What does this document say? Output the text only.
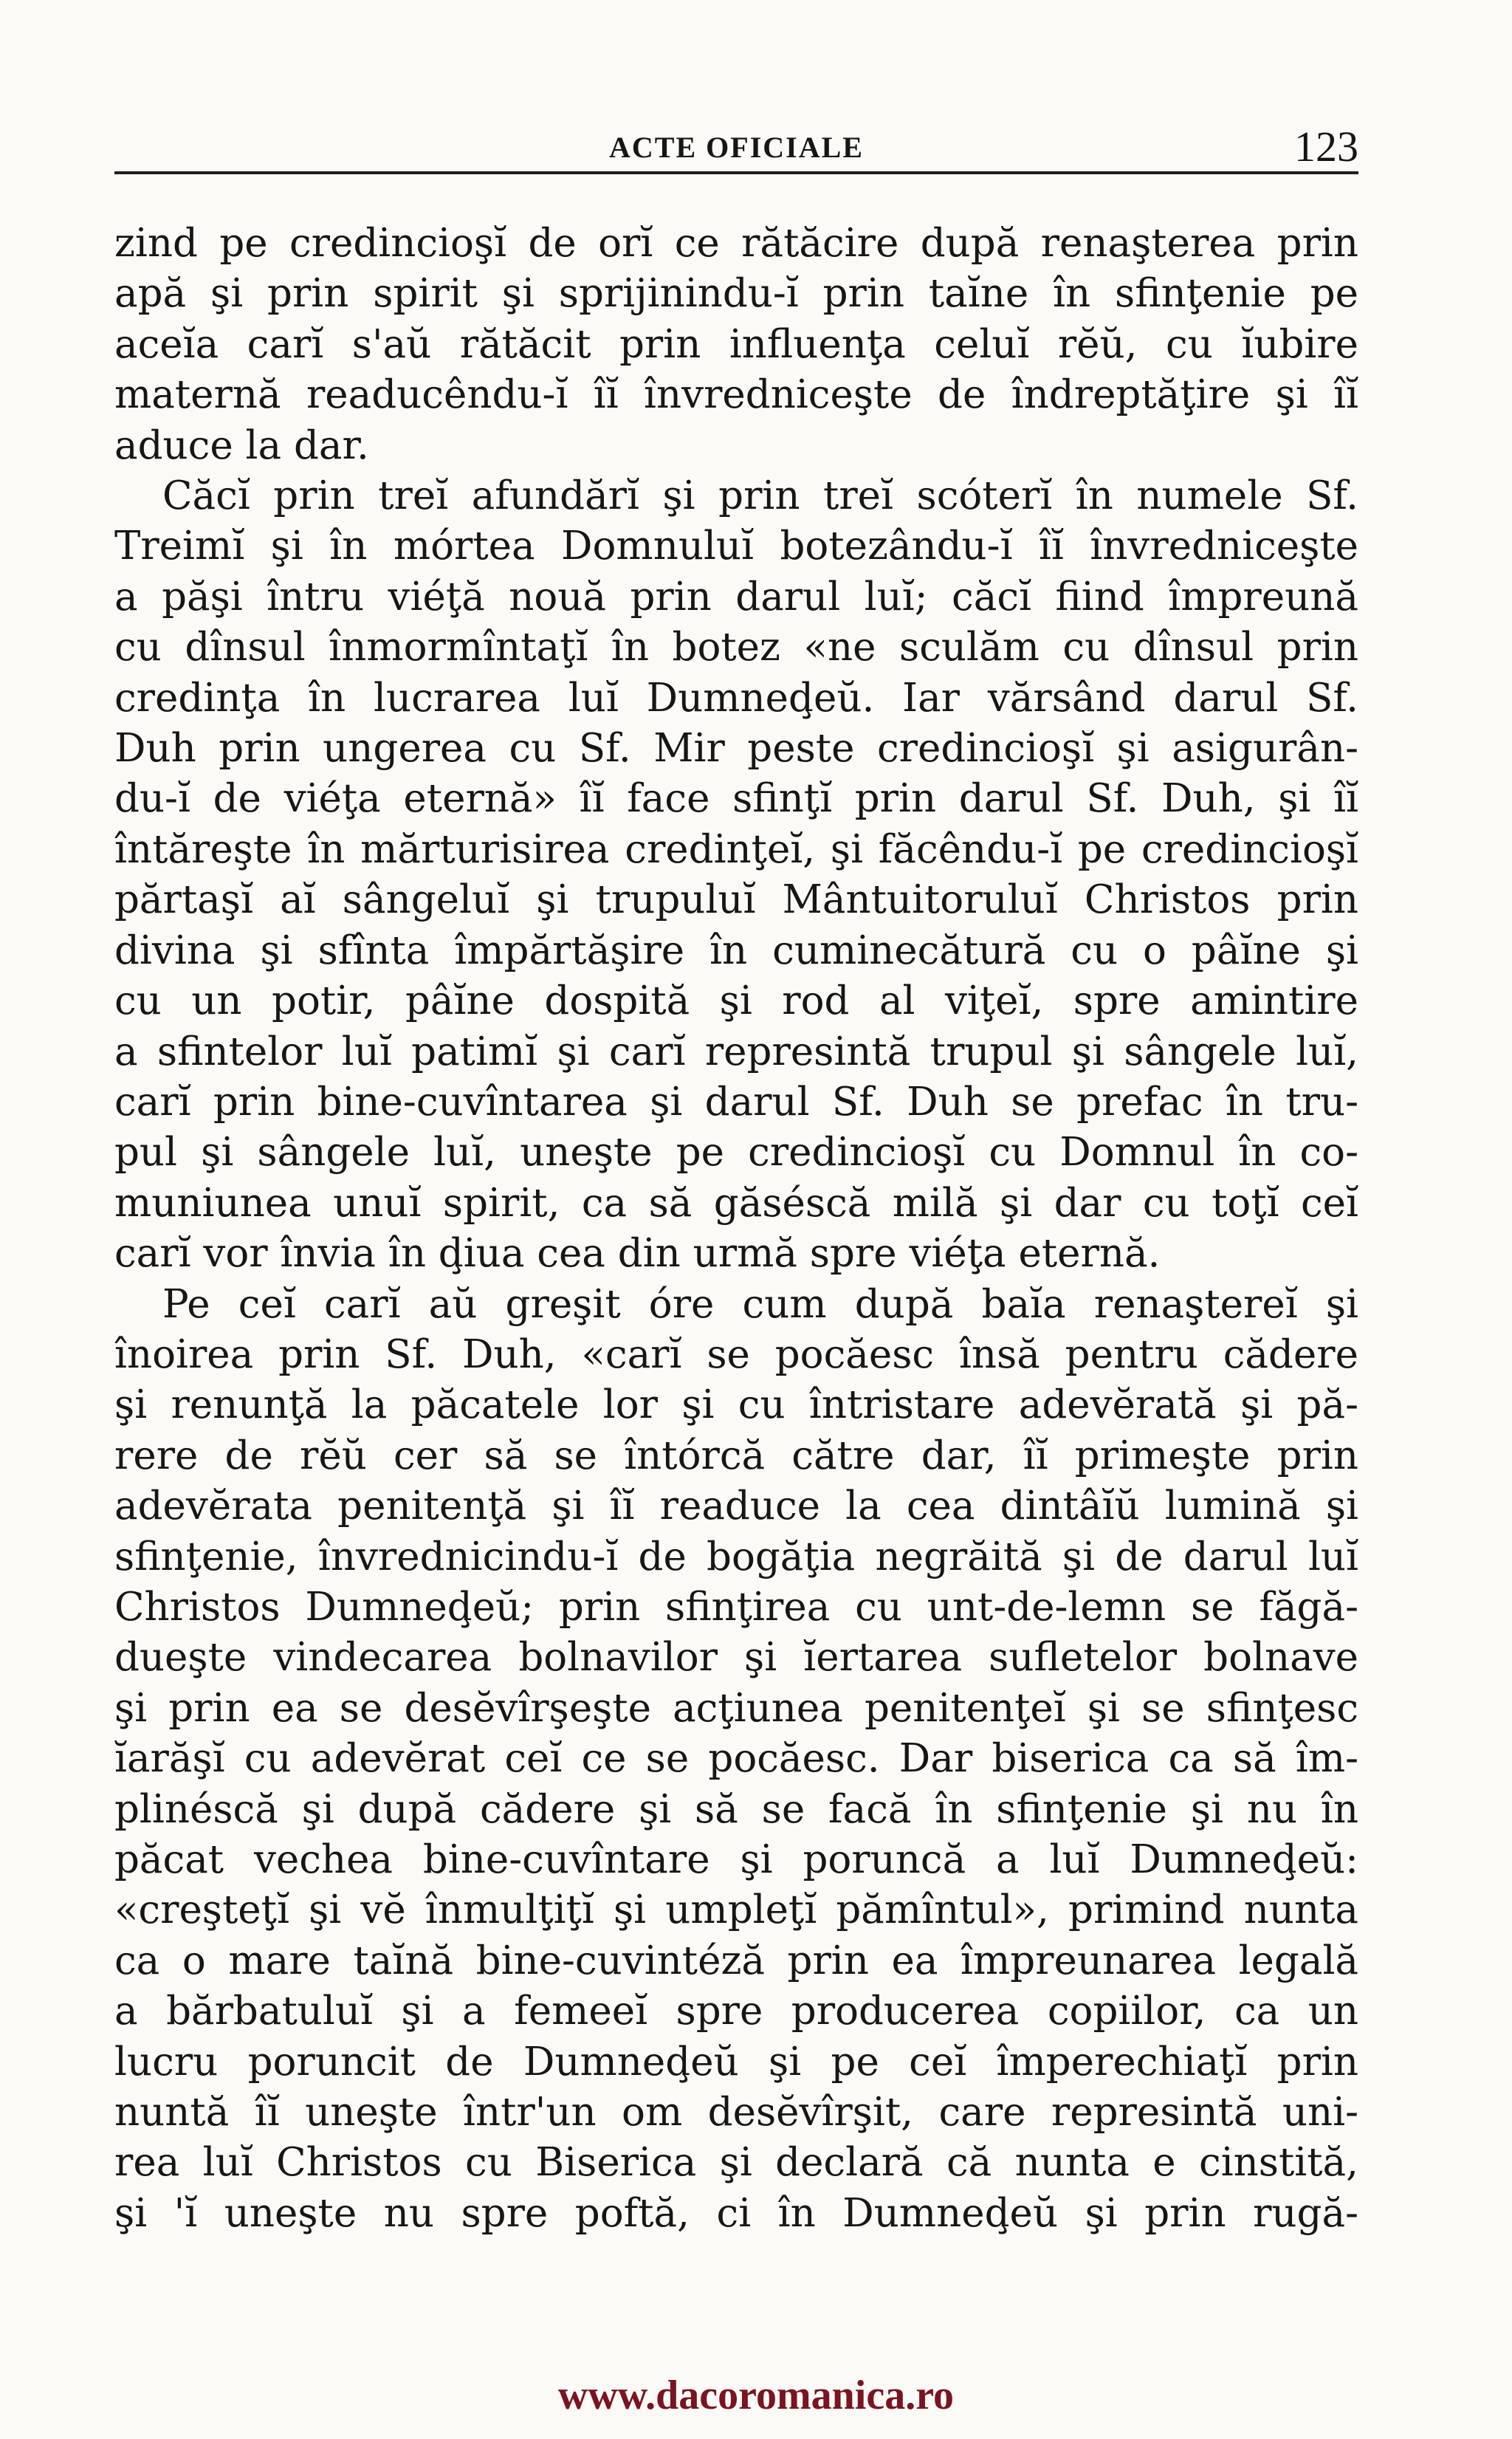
ACTE OFICIALE	123

zind pe credincioşĭ de orĭ ce rătăcire după renaşterea prin
apă şi prin spirit şi sprijinindu-ĭ prin taĭne în sfinţenie pe
aceĭa carĭ s'aŭ rătăcit prin influenţa celuĭ rĕŭ, cu ĭubire
maternă readucêndu-ĭ îĭ învredniceşte de îndreptăţire şi îĭ
aduce la dar.

Căcĭ prin treĭ afundărĭ şi prin treĭ scóterĭ în numele Sf.
Treimĭ şi în mórtea Domnuluĭ botezându-ĭ îĭ învredniceşte
a păşi întru viéţă nouă prin darul luĭ; căcĭ fiind împreună
cu dînsul înmormîntaţĭ în botez «ne sculăm cu dînsul prin
credinţa în lucrarea luĭ Dumneḑeŭ. Iar vărsând darul Sf.
Duh prin ungerea cu Sf. Mir peste credincioşĭ şi asigurân-
du-ĭ de viéţa eternă» îĭ face sfinţĭ prin darul Sf. Duh, şi îĭ
întăreşte în mărturisirea credinţeĭ, şi făcêndu-ĭ pe credincioşĭ
părtaşĭ aĭ sângeluĭ şi trupuluĭ Mântuitoruluĭ Christos prin
divina şi sfînta împărtăşire în cuminecătură cu o pâĭne şi
cu un potir, pâĭne dospită şi rod al viţeĭ, spre amintire
a sfintelor luĭ patimĭ şi carĭ represintă trupul şi sângele luĭ,
carĭ prin bine-cuvîntarea şi darul Sf. Duh se prefac în tru-
pul şi sângele luĭ, uneşte pe credincioşĭ cu Domnul în co-
muniunea unuĭ spirit, ca să găséscă milă şi dar cu toţĭ ceĭ
carĭ vor învia în ḑiua cea din urmă spre viéţa eternă.

Pe ceĭ carĭ aŭ greşit óre cum după baĭa renaştereĭ şi
înoirea prin Sf. Duh, «carĭ se pocăesc însă pentru cădere
şi renunţă la păcatele lor şi cu întristare adevĕrată şi pă-
rere de rĕŭ cer să se întórcă către dar, îĭ primeşte prin
adevĕrata penitenţă şi îĭ readuce la cea dintâĭŭ lumină şi
sfinţenie, învrednicindu-ĭ de bogăţia negrăită şi de darul luĭ
Christos Dumneḑeŭ; prin sfinţirea cu unt-de-lemn se făgă-
dueşte vindecarea bolnavilor şi ĭertarea sufletelor bolnave
şi prin ea se desĕvîrşeşte acţiunea penitenţeĭ şi se sfinţesc
ĭarăşĭ cu adevĕrat ceĭ ce se pocăesc. Dar biserica ca să îm-
plinéscă şi după cădere şi să se facă în sfinţenie şi nu în
păcat vechea bine-cuvîntare şi poruncă a luĭ Dumneḑeŭ:
«creşteţĭ şi vĕ înmulţiţĭ şi umpleţĭ pămîntul», primind nunta
ca o mare taĭnă bine-cuvintéză prin ea împreunarea legală
a bărbatuluĭ şi a femeeĭ spre producerea copiilor, ca un
lucru poruncit de Dumneḑeŭ şi pe ceĭ împerechiaţĭ prin
nuntă îĭ uneşte într'un om desĕvîrşit, care represintă uni-
rea luĭ Christos cu Biserica şi declară că nunta e cinstită,
şi 'ĭ uneşte nu spre poftă, ci în Dumneḑeŭ şi prin rugă-

www.dacoromanica.ro
